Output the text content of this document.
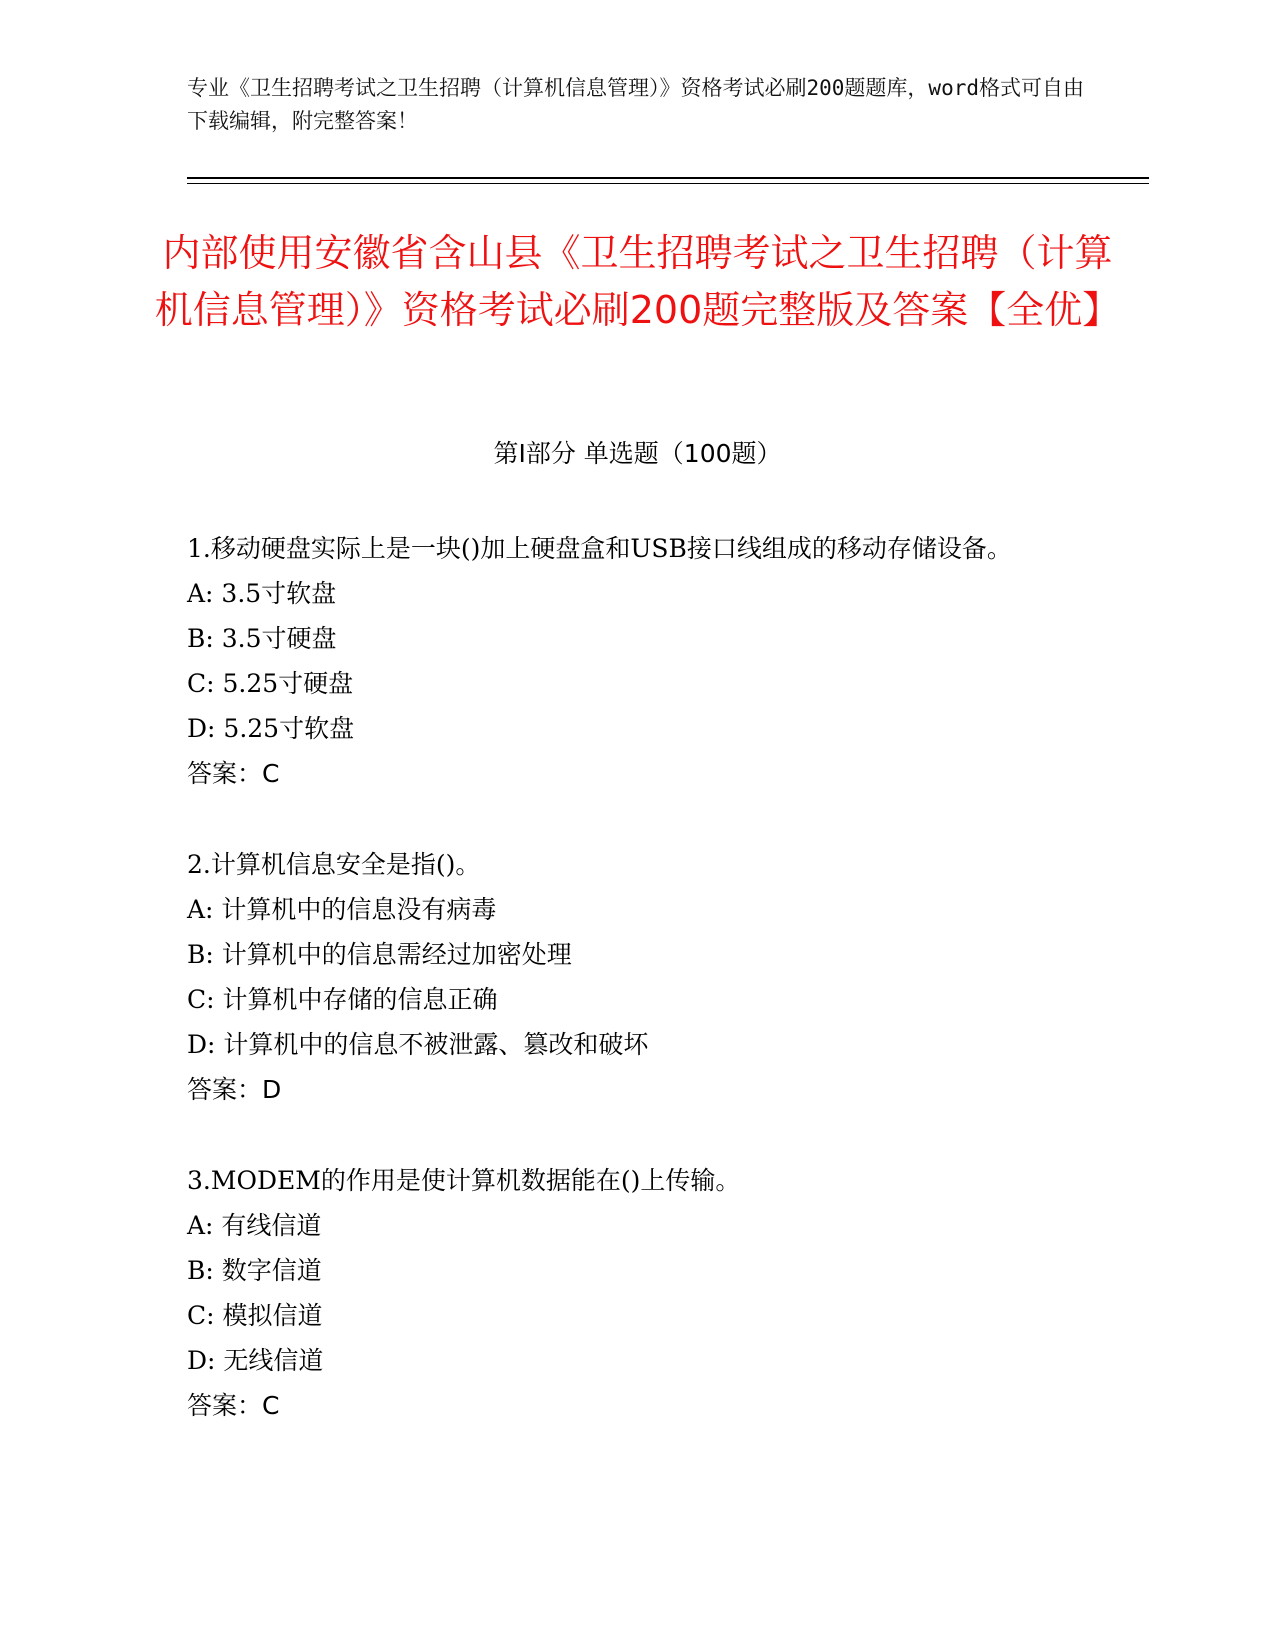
专业《卫生招聘考试之卫生招聘（计算机信息管理）》资格考试必刷200题题库，word格式可自由下载编辑，附完整答案！
内部使用安徽省含山县《卫生招聘考试之卫生招聘（计算机信息管理）》资格考试必刷200题完整版及答案【全优】
第Ⅰ部分 单选题（100题）

1.移动硬盘实际上是一块()加上硬盘盒和USB接口线组成的移动存储设备。

A: 3.5寸软盘

B: 3.5寸硬盘

C: 5.25寸硬盘

D: 5.25寸软盘

答案：C

2.计算机信息安全是指()。

A: 计算机中的信息没有病毒

B: 计算机中的信息需经过加密处理

C: 计算机中存储的信息正确

D: 计算机中的信息不被泄露、篡改和破坏

答案：D

3.MODEM的作用是使计算机数据能在()上传输。

A: 有线信道

B: 数字信道

C: 模拟信道

D: 无线信道

答案：C
